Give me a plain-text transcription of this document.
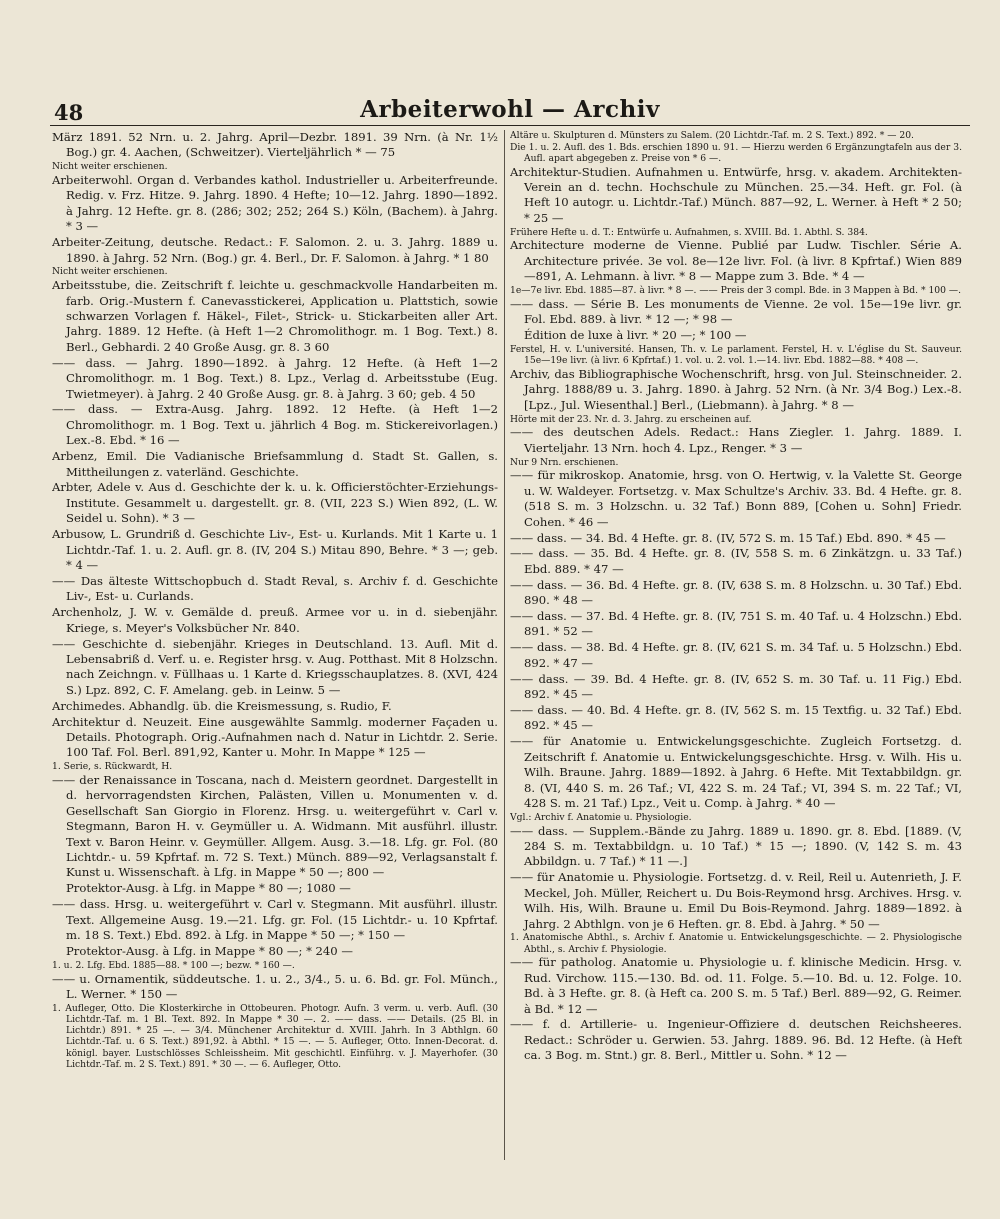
48	Arbeiterwohl — Archiv

März 1891. 52 Nrn. u. 2. Jahrg. April—Dezbr. 1891. 39 Nrn. (à Nr. 1½ Bog.) gr. 4. Aachen, (Schweitzer). Vierteljährlich * — 75

Nicht weiter erschienen.

Arbeiterwohl. Organ d. Verbandes kathol. Industrieller u. Arbeiterfreunde. Redig. v. Frz. Hitze. 9. Jahrg. 1890. 4 Hefte; 10—12. Jahrg. 1890—1892. à Jahrg. 12 Hefte. gr. 8. (286; 302; 252; 264 S.) Köln, (Bachem). à Jahrg. * 3 —

Arbeiter-Zeitung, deutsche. Redact.: F. Salomon. 2. u. 3. Jahrg. 1889 u. 1890. à Jahrg. 52 Nrn. (Bog.) gr. 4. Berl., Dr. F. Salomon. à Jahrg. * 1 80

Nicht weiter erschienen.

Arbeitsstube, die. Zeitschrift f. leichte u. geschmackvolle Handarbeiten m. farb. Orig.-Mustern f. Canevasstickerei, Application u. Plattstich, sowie schwarzen Vorlagen f. Häkel-, Filet-, Strick- u. Stickarbeiten aller Art. Jahrg. 1889. 12 Hefte. (à Heft 1—2 Chromolithogr. m. 1 Bog. Text.) 8. Berl., Gebhardi. 2 40 Große Ausg. gr. 8. 3 60

—— dass. — Jahrg. 1890—1892. à Jahrg. 12 Hefte. (à Heft 1—2 Chromolithogr. m. 1 Bog. Text.) 8. Lpz., Verlag d. Arbeitsstube (Eug. Twietmeyer). à Jahrg. 2 40 Große Ausg. gr. 8. à Jahrg. 3 60; geb. 4 50

—— dass. — Extra-Ausg. Jahrg. 1892. 12 Hefte. (à Heft 1—2 Chromolithogr. m. 1 Bog. Text u. jährlich 4 Bog. m. Stickereivorlagen.) Lex.-8. Ebd. * 16 —

Arbenz, Emil. Die Vadianische Briefsammlung d. Stadt St. Gallen, s. Mittheilungen z. vaterländ. Geschichte.

Arbter, Adele v. Aus d. Geschichte der k. u. k. Officierstöchter-Erziehungs-Institute. Gesammelt u. dargestellt. gr. 8. (VII, 223 S.) Wien 892, (L. W. Seidel u. Sohn). * 3 —

Arbusow, L. Grundriß d. Geschichte Liv-, Est- u. Kurlands. Mit 1 Karte u. 1 Lichtdr.-Taf. 1. u. 2. Aufl. gr. 8. (IV, 204 S.) Mitau 890, Behre. * 3 —; geb. * 4 —

—— Das älteste Wittschopbuch d. Stadt Reval, s. Archiv f. d. Geschichte Liv-, Est- u. Curlands.

Archenholz, J. W. v. Gemälde d. preuß. Armee vor u. in d. siebenjähr. Kriege, s. Meyer's Volksbücher Nr. 840.

—— Geschichte d. siebenjähr. Krieges in Deutschland. 13. Aufl. Mit d. Lebensabriß d. Verf. u. e. Register hrsg. v. Aug. Potthast. Mit 8 Holzschn. nach Zeichngn. v. Füllhaas u. 1 Karte d. Kriegsschauplatzes. 8. (XVI, 424 S.) Lpz. 892, C. F. Amelang. geb. in Leinw. 5 —

Archimedes. Abhandlg. üb. die Kreismessung, s. Rudio, F.

Architektur d. Neuzeit. Eine ausgewählte Sammlg. moderner Façaden u. Details. Photograph. Orig.-Aufnahmen nach d. Natur in Lichtdr. 2. Serie. 100 Taf. Fol. Berl. 891,92, Kanter u. Mohr. In Mappe * 125 —

1. Serie, s. Rückwardt, H.

—— der Renaissance in Toscana, nach d. Meistern geordnet. Dargestellt in d. hervorragendsten Kirchen, Palästen, Villen u. Monumenten v. d. Gesellschaft San Giorgio in Florenz. Hrsg. u. weitergeführt v. Carl v. Stegmann, Baron H. v. Geymüller u. A. Widmann. Mit ausführl. illustr. Text v. Baron Heinr. v. Geymüller. Allgem. Ausg. 3.—18. Lfg. gr. Fol. (80 Lichtdr.- u. 59 Kpfrtaf. m. 72 S. Text.) Münch. 889—92, Verlagsanstalt f. Kunst u. Wissenschaft. à Lfg. in Mappe * 50 —; 800 —

Protektor-Ausg. à Lfg. in Mappe * 80 —; 1080 —

—— dass. Hrsg. u. weitergeführt v. Carl v. Stegmann. Mit ausführl. illustr. Text. Allgemeine Ausg. 19.—21. Lfg. gr. Fol. (15 Lichtdr.- u. 10 Kpfrtaf. m. 18 S. Text.) Ebd. 892. à Lfg. in Mappe * 50 —; * 150 —

Protektor-Ausg. à Lfg. in Mappe * 80 —; * 240 —

1. u. 2. Lfg. Ebd. 1885—88. * 100 —; bezw. * 160 —.

—— u. Ornamentik, süddeutsche. 1. u. 2., 3/4., 5. u. 6. Bd. gr. Fol. Münch., L. Werner. * 150 —

1. Aufleger, Otto. Die Klosterkirche in Ottobeuren. Photogr. Aufn. 3 verm. u. verb. Aufl. (30 Lichtdr.-Taf. m. 1 Bl. Text. 892. In Mappe * 30 —. 2. —— dass. —— Details. (25 Bl. in Lichtdr.) 891. * 25 —. — 3/4. Münchener Architektur d. XVIII. Jahrh. In 3 Abthlgn. 60 Lichtdr.-Taf. u. 6 S. Text.) 891,92. à Abthl. * 15 —. — 5. Aufleger, Otto. Innen-Decorat. d. königl. bayer. Lustschlösses Schleissheim. Mit geschichtl. Einführg. v. J. Mayerhofer. (30 Lichtdr.-Taf. m. 2 S. Text.) 891. * 30 —. — 6. Aufleger, Otto.

Altäre u. Skulpturen d. Münsters zu Salem. (20 Lichtdr.-Taf. m. 2 S. Text.) 892. * — 20.

Die 1. u. 2. Aufl. des 1. Bds. erschien 1890 u. 91. — Hierzu werden 6 Ergänzungtafeln aus der 3. Aufl. apart abgegeben z. Preise von * 6 —.

Architektur-Studien. Aufnahmen u. Entwürfe, hrsg. v. akadem. Architekten-Verein an d. techn. Hochschule zu München. 25.—34. Heft. gr. Fol. (à Heft 10 autogr. u. Lichtdr.-Taf.) Münch. 887—92, L. Werner. à Heft * 2 50; * 25 —

Frühere Hefte u. d. T.: Entwürfe u. Aufnahmen, s. XVIII. Bd. 1. Abthl. S. 384.

Architecture moderne de Vienne. Publié par Ludw. Tischler. Série A. Architecture privée. 3e vol. 8e—12e livr. Fol. (à livr. 8 Kpfrtaf.) Wien 889—891, A. Lehmann. à livr. * 8 — Mappe zum 3. Bde. * 4 —

1e—7e livr. Ebd. 1885—87. à livr. * 8 —. —— Preis der 3 compl. Bde. in 3 Mappen à Bd. * 100 —.

—— dass. — Série B. Les monuments de Vienne. 2e vol. 15e—19e livr. gr. Fol. Ebd. 889. à livr. * 12 —; * 98 —

Édition de luxe à livr. * 20 —; * 100 —

Ferstel, H. v. L'université. Hansen, Th. v. Le parlament. Ferstel, H. v. L'église du St. Sauveur. 15e—19e livr. (à livr. 6 Kpfrtaf.) 1. vol. u. 2. vol. 1.—14. livr. Ebd. 1882—88. * 408 —.

Archiv, das Bibliographische Wochenschrift, hrsg. von Jul. Steinschneider. 2. Jahrg. 1888/89 u. 3. Jahrg. 1890. à Jahrg. 52 Nrn. (à Nr. 3/4 Bog.) Lex.-8. [Lpz., Jul. Wiesenthal.] Berl., (Liebmann). à Jahrg. * 8 —

Hörte mit der 23. Nr. d. 3. Jahrg. zu erscheinen auf.

—— des deutschen Adels. Redact.: Hans Ziegler. 1. Jahrg. 1889. I. Vierteljahr. 13 Nrn. hoch 4. Lpz., Renger. * 3 —

Nur 9 Nrn. erschienen.

—— für mikroskop. Anatomie, hrsg. von O. Hertwig, v. la Valette St. George u. W. Waldeyer. Fortsetzg. v. Max Schultze's Archiv. 33. Bd. 4 Hefte. gr. 8. (518 S. m. 3 Holzschn. u. 32 Taf.) Bonn 889, [Cohen u. Sohn] Friedr. Cohen. * 46 —

—— dass. — 34. Bd. 4 Hefte. gr. 8. (IV, 572 S. m. 15 Taf.) Ebd. 890. * 45 —

—— dass. — 35. Bd. 4 Hefte. gr. 8. (IV, 558 S. m. 6 Zinkätzgn. u. 33 Taf.) Ebd. 889. * 47 —

—— dass. — 36. Bd. 4 Hefte. gr. 8. (IV, 638 S. m. 8 Holzschn. u. 30 Taf.) Ebd. 890. * 48 —

—— dass. — 37. Bd. 4 Hefte. gr. 8. (IV, 751 S. m. 40 Taf. u. 4 Holzschn.) Ebd. 891. * 52 —

—— dass. — 38. Bd. 4 Hefte. gr. 8. (IV, 621 S. m. 34 Taf. u. 5 Holzschn.) Ebd. 892. * 47 —

—— dass. — 39. Bd. 4 Hefte. gr. 8. (IV, 652 S. m. 30 Taf. u. 11 Fig.) Ebd. 892. * 45 —

—— dass. — 40. Bd. 4 Hefte. gr. 8. (IV, 562 S. m. 15 Textfig. u. 32 Taf.) Ebd. 892. * 45 —

—— für Anatomie u. Entwickelungsgeschichte. Zugleich Fortsetzg. d. Zeitschrift f. Anatomie u. Entwickelungsgeschichte. Hrsg. v. Wilh. His u. Wilh. Braune. Jahrg. 1889—1892. à Jahrg. 6 Hefte. Mit Textabbildgn. gr. 8. (VI, 440 S. m. 26 Taf.; VI, 422 S. m. 24 Taf.; VI, 394 S. m. 22 Taf.; VI, 428 S. m. 21 Taf.) Lpz., Veit u. Comp. à Jahrg. * 40 —

Vgl.: Archiv f. Anatomie u. Physiologie.

—— dass. — Supplem.-Bände zu Jahrg. 1889 u. 1890. gr. 8. Ebd. [1889. (V, 284 S. m. Textabbildgn. u. 10 Taf.) * 15 —; 1890. (V, 142 S. m. 43 Abbildgn. u. 7 Taf.) * 11 —.]

—— für Anatomie u. Physiologie. Fortsetzg. d. v. Reil, Reil u. Autenrieth, J. F. Meckel, Joh. Müller, Reichert u. Du Bois-Reymond hrsg. Archives. Hrsg. v. Wilh. His, Wilh. Braune u. Emil Du Bois-Reymond. Jahrg. 1889—1892. à Jahrg. 2 Abthlgn. von je 6 Heften. gr. 8. Ebd. à Jahrg. * 50 —

1. Anatomische Abthl., s. Archiv f. Anatomie u. Entwickelungsgeschichte. — 2. Physiologische Abthl., s. Archiv f. Physiologie.

—— für patholog. Anatomie u. Physiologie u. f. klinische Medicin. Hrsg. v. Rud. Virchow. 115.—130. Bd. od. 11. Folge. 5.—10. Bd. u. 12. Folge. 10. Bd. à 3 Hefte. gr. 8. (à Heft ca. 200 S. m. 5 Taf.) Berl. 889—92, G. Reimer. à Bd. * 12 —

—— f. d. Artillerie- u. Ingenieur-Offiziere d. deutschen Reichsheeres. Redact.: Schröder u. Gerwien. 53. Jahrg. 1889. 96. Bd. 12 Hefte. (à Heft ca. 3 Bog. m. Stnt.) gr. 8. Berl., Mittler u. Sohn. * 12 —
